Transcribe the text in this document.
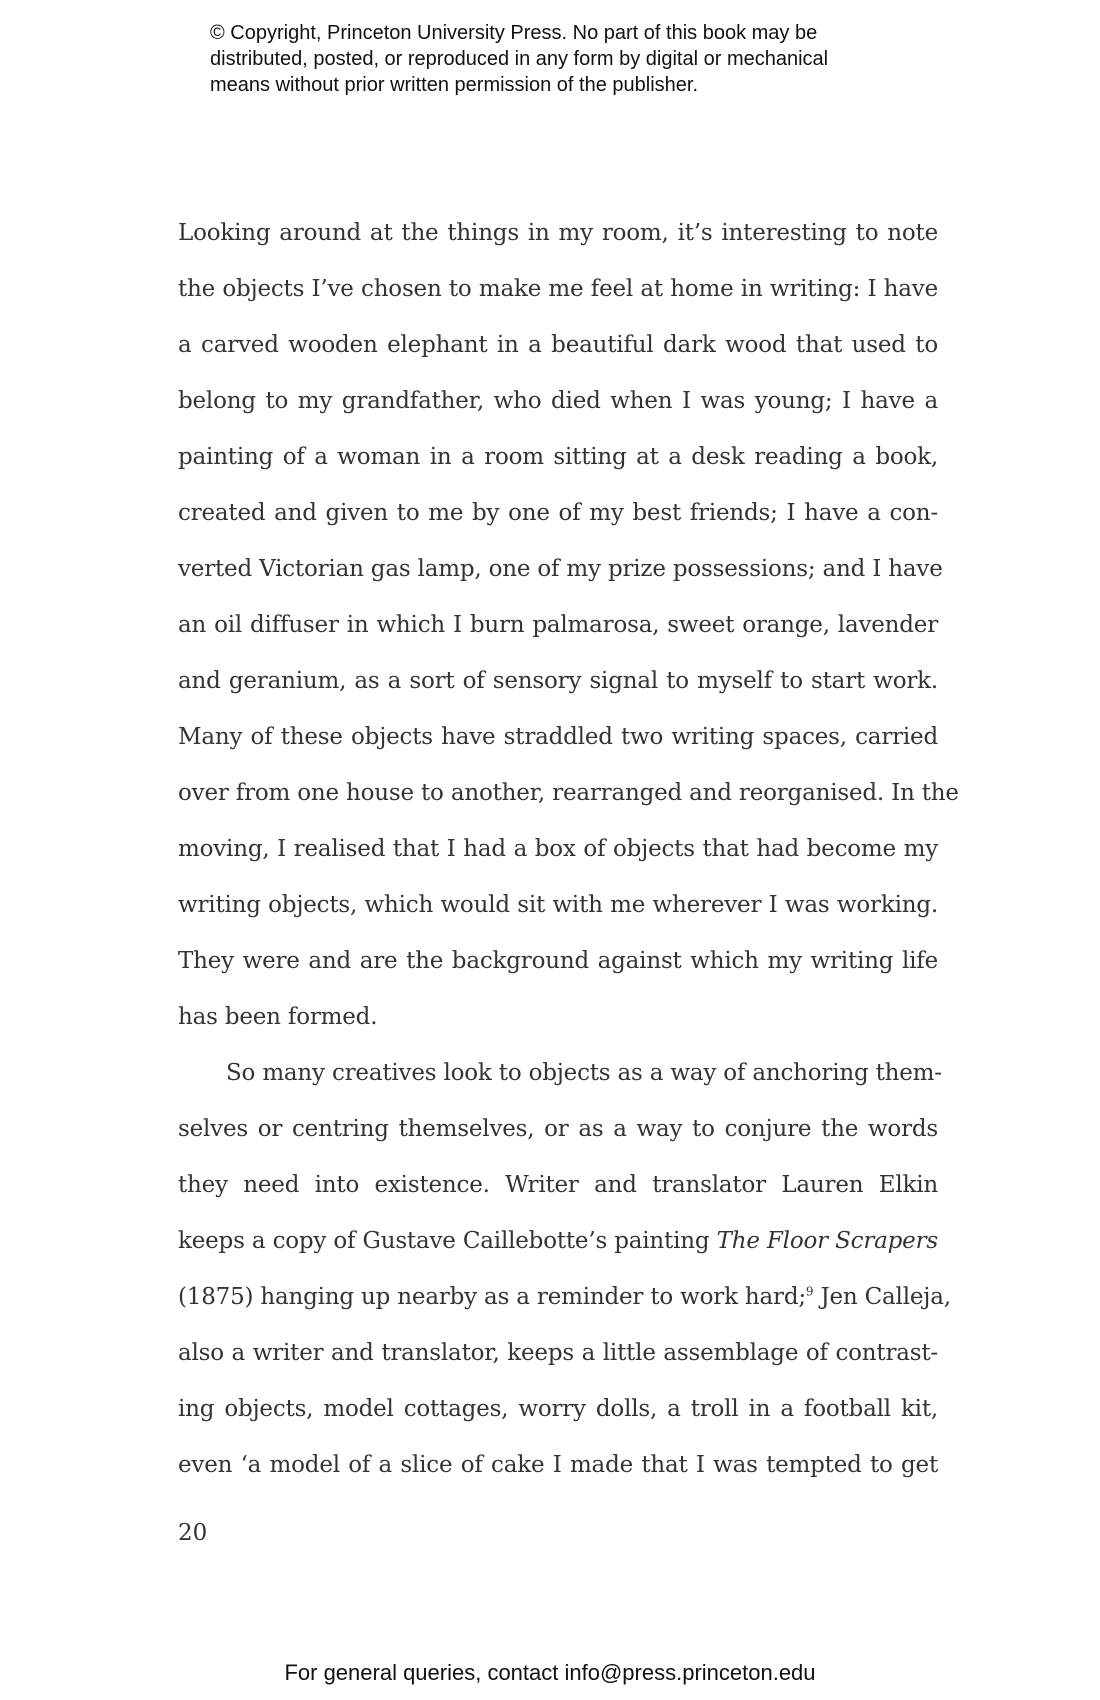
© Copyright, Princeton University Press. No part of this book may be
distributed, posted, or reproduced in any form by digital or mechanical
means without prior written permission of the publisher.
Looking around at the things in my room, it’s interesting to note
the objects I’ve chosen to make me feel at home in writing: I have
a carved wooden elephant in a beautiful dark wood that used to
belong to my grandfather, who died when I was young; I have a
painting of a woman in a room sitting at a desk reading a book,
created and given to me by one of my best friends; I have a con-
verted Victorian gas lamp, one of my prize possessions; and I have
an oil diffuser in which I burn palmarosa, sweet orange, lavender
and geranium, as a sort of sensory signal to myself to start work.
Many of these objects have straddled two writing spaces, carried
over from one house to another, rearranged and reorganised. In the
moving, I realised that I had a box of objects that had become my
writing objects, which would sit with me wherever I was working.
They were and are the background against which my writing life
has been formed.
So many creatives look to objects as a way of anchoring them-
selves or centring themselves, or as a way to conjure the words
they need into existence. Writer and translator Lauren Elkin
keeps a copy of Gustave Caillebotte’s painting The Floor Scrapers
(1875) hanging up nearby as a reminder to work hard;$^9$ Jen Calleja,
also a writer and translator, keeps a little assemblage of contrast-
ing objects, model cottages, worry dolls, a troll in a football kit,
even ‘a model of a slice of cake I made that I was tempted to get
20
For general queries, contact info@press.princeton.edu
